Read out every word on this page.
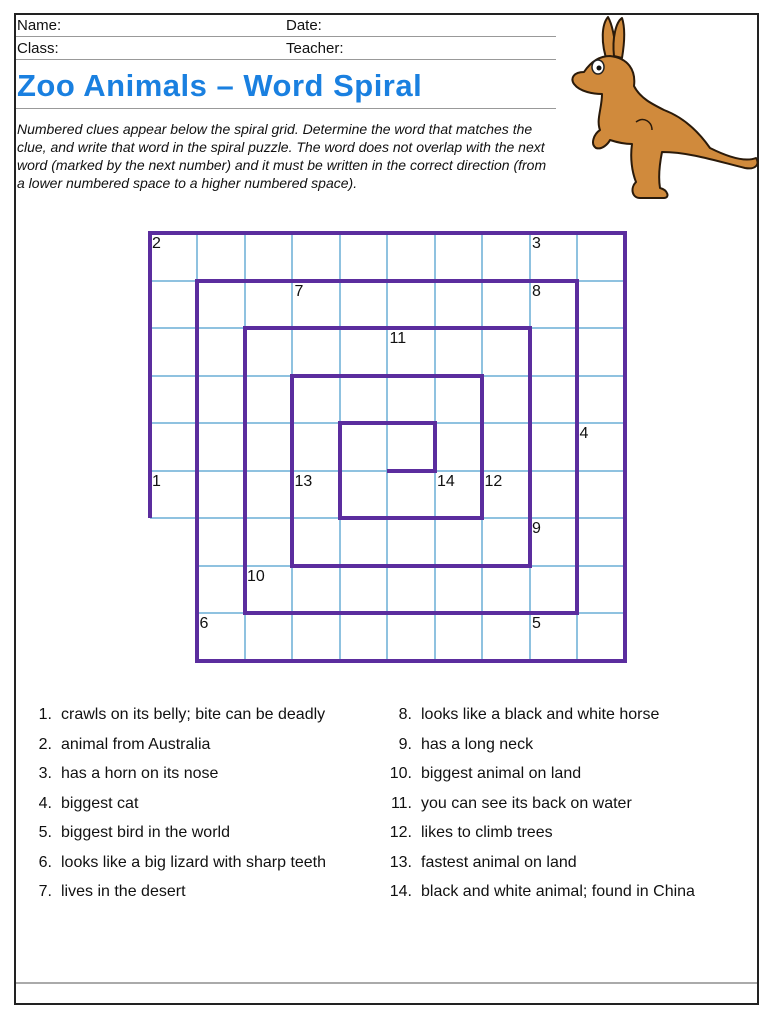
Name:	Date:
Class:	Teacher:
Zoo Animals – Word Spiral
Numbered clues appear below the spiral grid. Determine the word that matches the clue, and write that word in the spiral puzzle. The word does not overlap with the next word (marked by the next number) and it must be written in the correct direction (from a lower numbered space to a higher numbered space).
2	3
7	8
11
4
1	13	14 12
9
10
6	5
1. crawls on its belly; bite can be deadly
2. animal from Australia
3. has a horn on its nose
4. biggest cat
5. biggest bird in the world
6. looks like a big lizard with sharp teeth
7. lives in the desert
8. looks like a black and white horse
9. has a long neck
10. biggest animal on land
11. you can see its back on water
12. likes to climb trees
13. fastest animal on land
14. black and white animal; found in China
